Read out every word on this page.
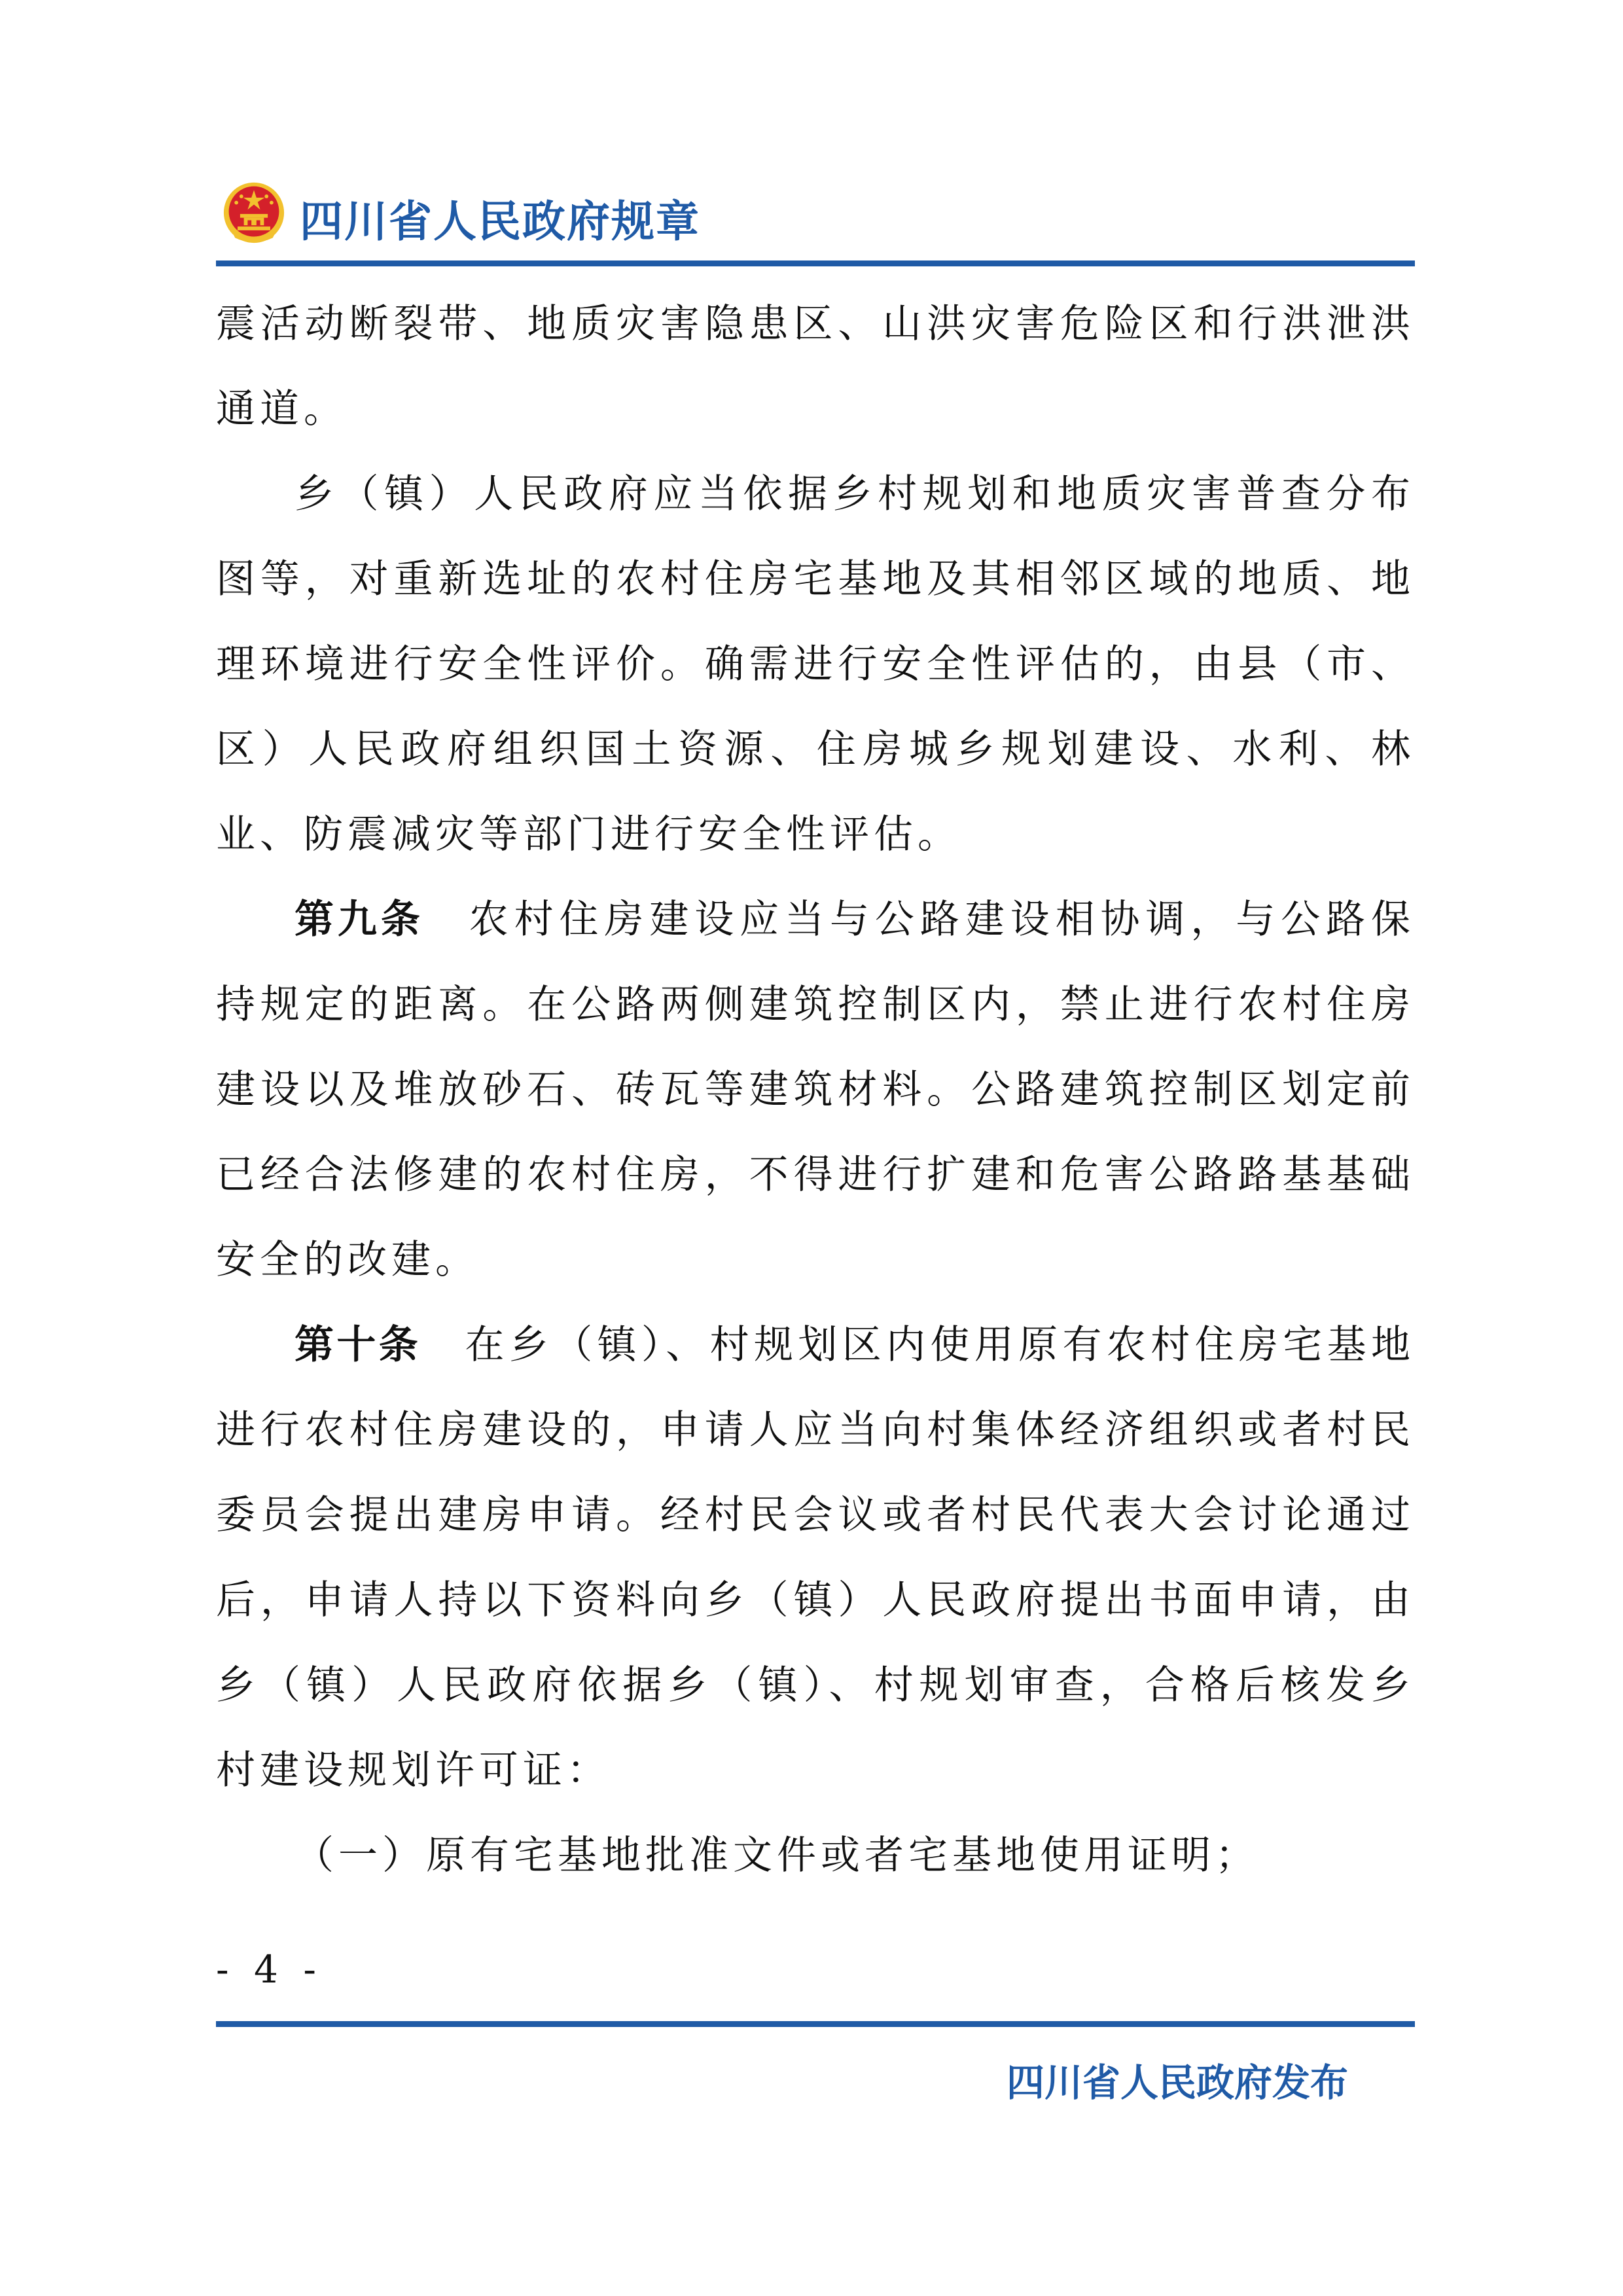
四川省人民政府规章

震活动断裂带、地质灾害隐患区、山洪灾害危险区和行洪泄洪通道。

乡（镇）人民政府应当依据乡村规划和地质灾害普查分布图等，对重新选址的农村住房宅基地及其相邻区域的地质、地理环境进行安全性评价。确需进行安全性评估的，由县（市、区）人民政府组织国土资源、住房城乡规划建设、水利、林业、防震减灾等部门进行安全性评估。

第九条　 农村住房建设应当与公路建设相协调，与公路保持规定的距离。在公路两侧建筑控制区内，禁止进行农村住房建设以及堆放砂石、砖瓦等建筑材料。公路建筑控制区划定前已经合法修建的农村住房，不得进行扩建和危害公路路基基础安全的改建。

第十条　 在乡（镇）、村规划区内使用原有农村住房宅基地进行农村住房建设的，申请人应当向村集体经济组织或者村民委员会提出建房申请。经村民会议或者村民代表大会讨论通过后，申请人持以下资料向乡（镇）人民政府提出书面申请，由乡（镇）人民政府依据乡（镇）、村规划审查，合格后核发乡村建设规划许可证：

（一）原有宅基地批准文件或者宅基地使用证明；

- 4 -
四川省人民政府发布
